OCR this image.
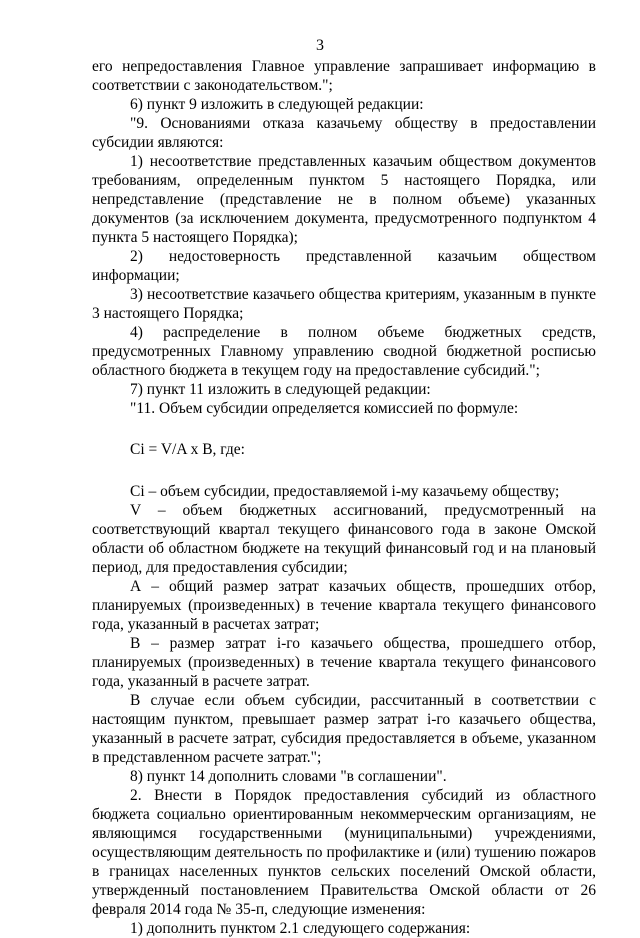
3

его непредоставления Главное управление запрашивает информацию в соответствии с законодательством.";

6) пункт 9 изложить в следующей редакции:

"9. Основаниями отказа казачьему обществу в предоставлении субсидии являются:

1) несоответствие представленных казачьим обществом документов требованиям, определенным пунктом 5 настоящего Порядка, или непредставление (представление не в полном объеме) указанных документов (за исключением документа, предусмотренного подпунктом 4 пункта 5 настоящего Порядка);

2) недостоверность представленной казачьим обществом информации;

3) несоответствие казачьего общества критериям, указанным в пункте 3 настоящего Порядка;

4) распределение в полном объеме бюджетных средств, предусмотренных Главному управлению сводной бюджетной росписью областного бюджета в текущем году на предоставление субсидий.";

7) пункт 11 изложить в следующей редакции:

"11. Объем субсидии определяется комиссией по формуле:

Ci = V/A x B, где:

Ci – объем субсидии, предоставляемой i-му казачьему обществу;

V – объем бюджетных ассигнований, предусмотренный на соответствующий квартал текущего финансового года в законе Омской области об областном бюджете на текущий финансовый год и на плановый период, для предоставления субсидии;

А – общий размер затрат казачьих обществ, прошедших отбор, планируемых (произведенных) в течение квартала текущего финансового года, указанный в расчетах затрат;

В – размер затрат i-го казачьего общества, прошедшего отбор, планируемых (произведенных) в течение квартала текущего финансового года, указанный в расчете затрат.

В случае если объем субсидии, рассчитанный в соответствии с настоящим пунктом, превышает размер затрат i-го казачьего общества, указанный в расчете затрат, субсидия предоставляется в объеме, указанном в представленном расчете затрат.";

8) пункт 14 дополнить словами "в соглашении".

2. Внести в Порядок предоставления субсидий из областного бюджета социально ориентированным некоммерческим организациям, не являющимся государственными (муниципальными) учреждениями, осуществляющим деятельность по профилактике и (или) тушению пожаров в границах населенных пунктов сельских поселений Омской области, утвержденный постановлением Правительства Омской области от 26 февраля 2014 года № 35-п, следующие изменения:

1) дополнить пунктом 2.1 следующего содержания:
